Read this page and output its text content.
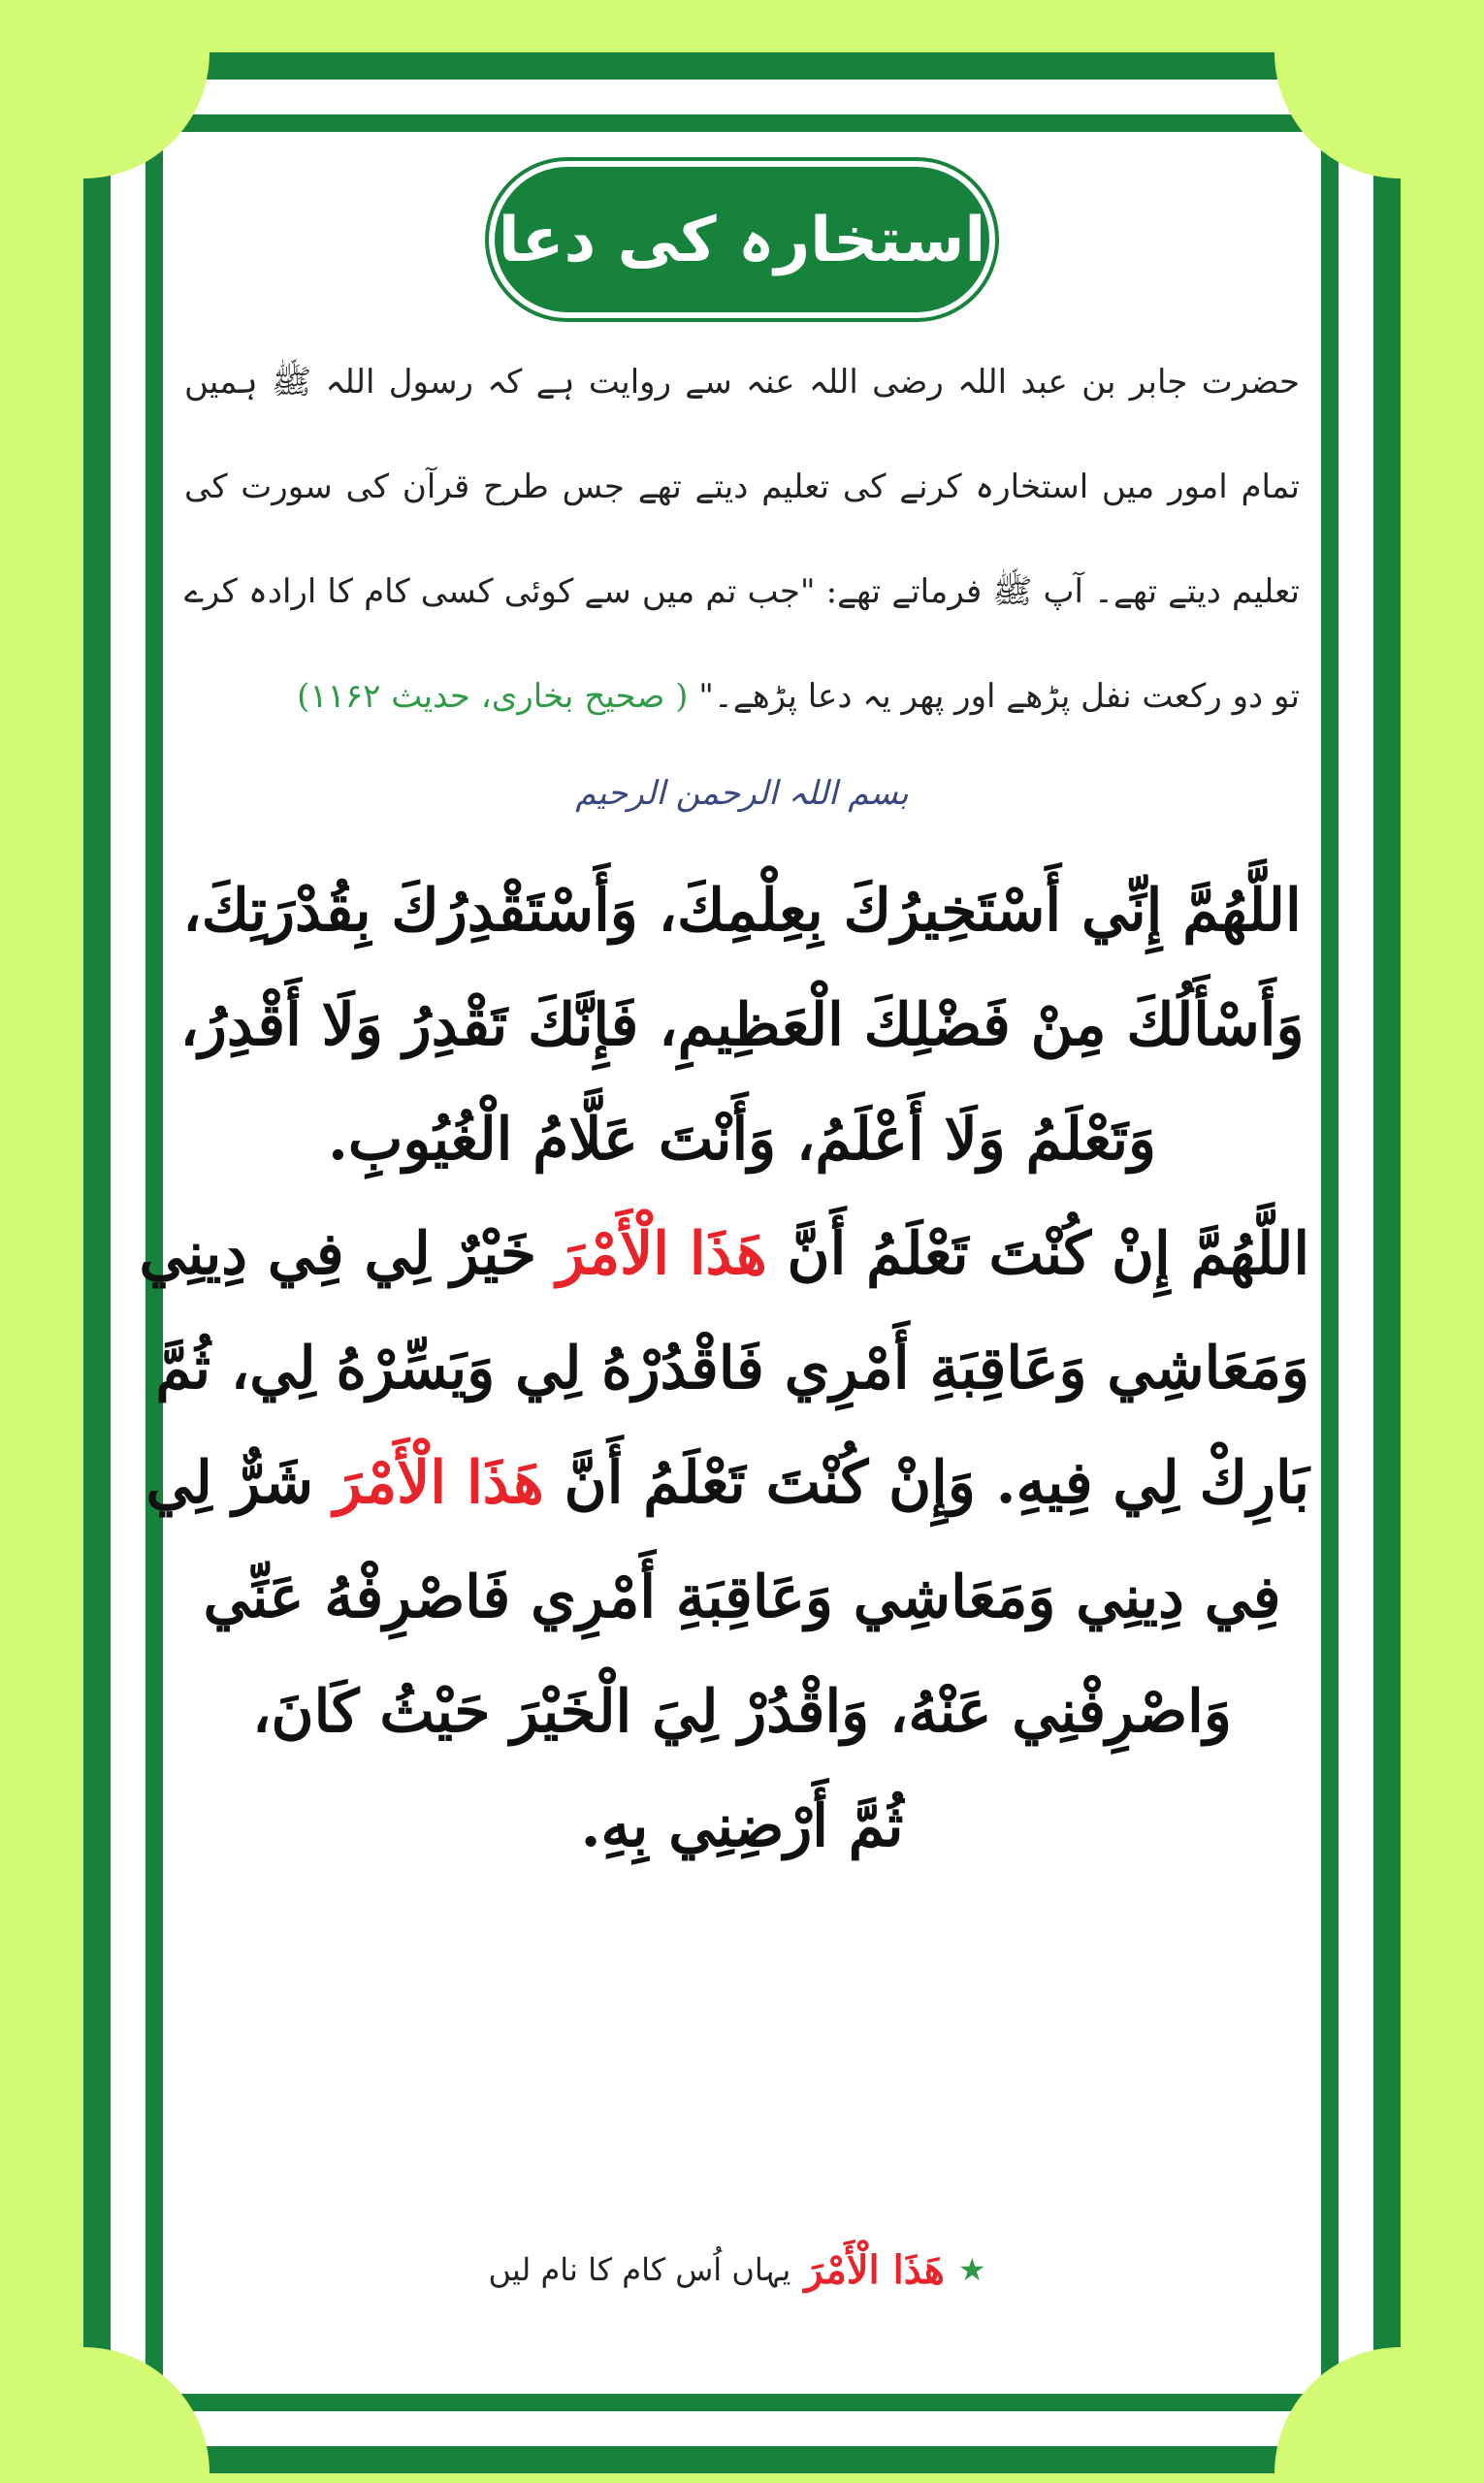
استخارہ کی دعا
حضرت جابر بن عبد اللہ رضی اللہ عنہ سے روایت ہے کہ رسول اللہ ﷺ ہمیں تمام امور میں استخارہ کرنے کی تعلیم دیتے تھے جس طرح قرآن کی سورت کی تعلیم دیتے تھے۔ آپ ﷺ فرماتے تھے: "جب تم میں سے کوئی کسی کام کا ارادہ کرے تو دو رکعت نفل پڑھے اور پھر یہ دعا پڑھے۔" ( صحیح بخاری، حدیث ۱۱۶۲)
بسم اللہ الرحمن الرحیم
اللَّهُمَّ إِنِّي أَسْتَخِيرُكَ بِعِلْمِكَ، وَأَسْتَقْدِرُكَ بِقُدْرَتِكَ،
وَأَسْأَلُكَ مِنْ فَضْلِكَ الْعَظِيمِ، فَإِنَّكَ تَقْدِرُ وَلَا أَقْدِرُ،
وَتَعْلَمُ وَلَا أَعْلَمُ، وَأَنْتَ عَلَّامُ الْغُيُوبِ.
اللَّهُمَّ إِنْ كُنْتَ تَعْلَمُ أَنَّ هَذَا الْأَمْرَ خَيْرٌ لِي فِي دِينِي
وَمَعَاشِي وَعَاقِبَةِ أَمْرِي فَاقْدُرْهُ لِي وَيَسِّرْهُ لِي، ثُمَّ
بَارِكْ لِي فِيهِ. وَإِنْ كُنْتَ تَعْلَمُ أَنَّ هَذَا الْأَمْرَ شَرٌّ لِي
فِي دِينِي وَمَعَاشِي وَعَاقِبَةِ أَمْرِي فَاصْرِفْهُ عَنِّي
وَاصْرِفْنِي عَنْهُ، وَاقْدُرْ لِيَ الْخَيْرَ حَيْثُ كَانَ،
ثُمَّ أَرْضِنِي بِهِ.
★
هَذَا الْأَمْرَ
یہاں اُس کام کا نام لیں
